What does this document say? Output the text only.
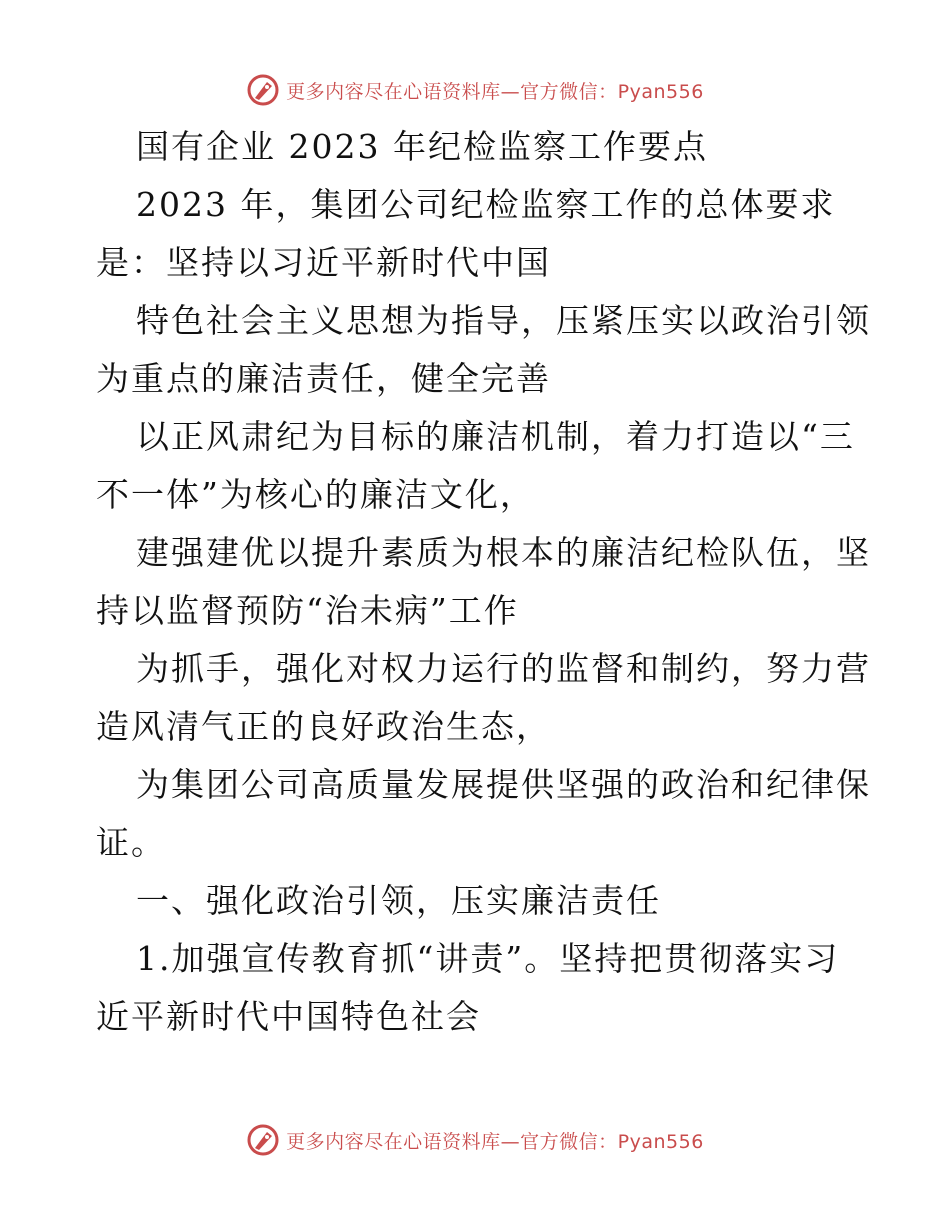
更多内容尽在心语资料库—官方微信：Pyan556

国有企业 2023 年纪检监察工作要点

2023 年，集团公司纪检监察工作的总体要求
是：坚持以习近平新时代中国

特色社会主义思想为指导，压紧压实以政治引领
为重点的廉洁责任，健全完善

以正风肃纪为目标的廉洁机制，着力打造以“三
不一体”为核心的廉洁文化，

建强建优以提升素质为根本的廉洁纪检队伍，坚
持以监督预防“治未病”工作

为抓手，强化对权力运行的监督和制约，努力营
造风清气正的良好政治生态，

为集团公司高质量发展提供坚强的政治和纪律保
证。

一、强化政治引领，压实廉洁责任

1.加强宣传教育抓“讲责”。坚持把贯彻落实习
近平新时代中国特色社会

更多内容尽在心语资料库—官方微信：Pyan556
